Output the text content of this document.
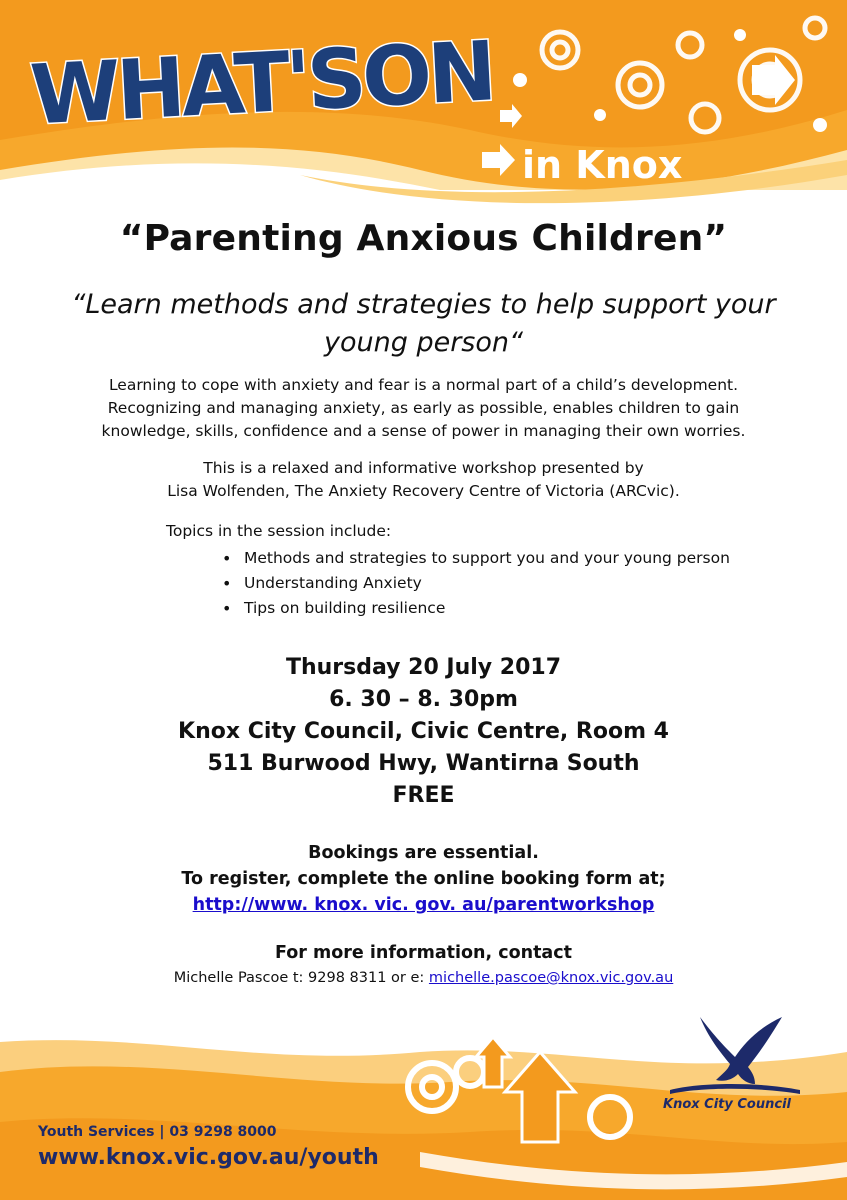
WHAT'SON
in Knox
“Parenting Anxious Children”
“Learn methods and strategies to help support your
young person“
Learning to cope with anxiety and fear is a normal part of a child’s development.
Recognizing and managing anxiety, as early as possible, enables children to gain
knowledge, skills, confidence and a sense of power in managing their own worries.
This is a relaxed and informative workshop presented by
Lisa Wolfenden, The Anxiety Recovery Centre of Victoria (ARCvic).
Topics in the session include:
• Methods and strategies to support you and your young person
• Understanding Anxiety
• Tips on building resilience
Thursday 20 July 2017
6. 30 – 8. 30pm
Knox City Council, Civic Centre, Room 4
511 Burwood Hwy, Wantirna South
FREE
Bookings are essential.
To register, complete the online booking form at;
http://www. knox. vic. gov. au/parentworkshop
For more information, contact
Michelle Pascoe t: 9298 8311 or e: michelle.pascoe@knox.vic.gov.au
Knox City Council
Youth Services | 03 9298 8000
www.knox.vic.gov.au/youth
